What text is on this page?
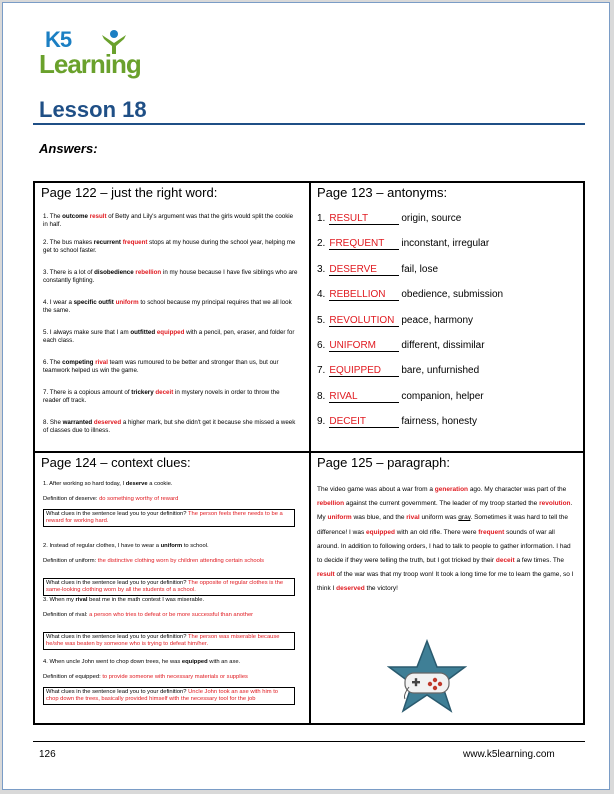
K5
Learning
Lesson 18
Answers:
Page 122 – just the right word:
1. The outcome result of Betty and Lily's argument was that the girls would split the cookie in half.
2. The bus makes recurrent frequent stops at my house during the school year, helping me get to school faster.
3. There is a lot of disobedience rebellion in my house because I have five siblings who are constantly fighting.
4. I wear a specific outfit uniform to school because my principal requires that we all look the same.
5. I always make sure that I am outfitted equipped with a pencil, pen, eraser, and folder for each class.
6. The competing rival team was rumoured to be better and stronger than us, but our teamwork helped us win the game.
7. There is a copious amount of trickery deceit in mystery novels in order to throw the reader off track.
8. She warranted deserved a higher mark, but she didn't get it because she missed a week of classes due to illness.
Page 123 – antonyms:
1. RESULT	origin, source
2. FREQUENT inconstant, irregular
3. DESERVE fail, lose
4. REBELLION obedience, submission
5. REVOLUTION peace, harmony
6. UNIFORM	different, dissimilar
7. EQUIPPED bare, unfurnished
8. RIVAL	companion, helper
9. DECEIT	fairness, honesty
Page 124 – context clues:
1. After working so hard today, I deserve a cookie.
Definition of deserve: do something worthy of reward
What clues in the sentence lead you to your definition? The person feels there needs to be a reward for working hard.
2. Instead of regular clothes, I have to wear a uniform to school.
Definition of uniform: the distinctive clothing worn by children attending certain schools
What clues in the sentence lead you to your definition? The opposite of regular clothes is the same-looking clothing worn by all the students of a school.
3. When my rival beat me in the math contest I was miserable.
Definition of rival: a person who tries to defeat or be more successful than another
What clues in the sentence lead you to your definition? The person was miserable because he/she was beaten by someone who is trying to defeat him/her.
4. When uncle John went to chop down trees, he was equipped with an axe.
Definition of equipped: to provide someone with necessary materials or supplies
What clues in the sentence lead you to your definition? Uncle John took an axe with him to chop down the trees, basically provided himself with the necessary tool for the job
Page 125 – paragraph:
The video game was about a war from a generation ago. My character was part of the rebellion against the current government. The leader of my troop started the revolution. My uniform was blue, and the rival uniform was gray. Sometimes it was hard to tell the difference! I was equipped with an old rifle. There were frequent sounds of war all around. In addition to following orders, I had to talk to people to gather information. I had to decide if they were telling the truth, but I got tricked by their deceit a few times. The result of the war was that my troop won! It took a long time for me to learn the game, so I think I deserved the victory!
126	www.k5learning.com
